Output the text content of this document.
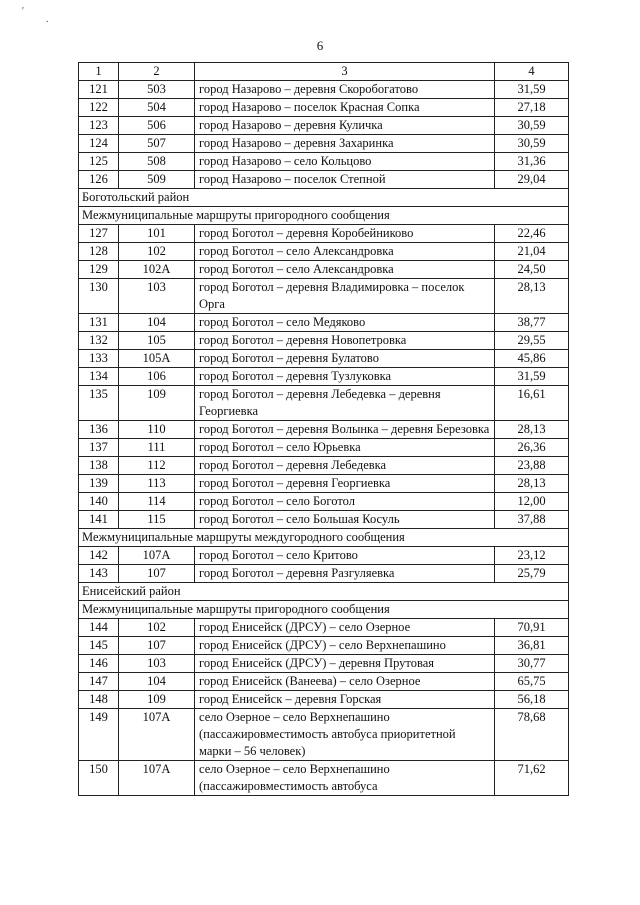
'
.
6
1	2	3	4
121	503	город Назарово – деревня Скоробогатово	31,59
122	504	город Назарово – поселок Красная Сопка	27,18
123	506	город Назарово – деревня Куличка	30,59
124	507	город Назарово – деревня Захаринка	30,59
125	508	город Назарово – село Кольцово	31,36
126	509	город Назарово – поселок Степной	29,04
Боготольский район			
Межмуниципальные маршруты пригородного сообщения			
127	101	город Боготол – деревня Коробейниково	22,46
128	102	город Боготол – село Александровка	21,04
129	102А	город Боготол – село Александровка	24,50
130	103	город Боготол – деревня Владимировка – поселок Орга	28,13
131	104	город Боготол – село Медяково	38,77
132	105	город Боготол – деревня Новопетровка	29,55
133	105А	город Боготол – деревня Булатово	45,86
134	106	город Боготол – деревня Тузлуковка	31,59
135	109	город Боготол – деревня Лебедевка – деревня Георгиевка	16,61
136	110	город Боготол – деревня Волынка – деревня Березовка	28,13
137	111	город Боготол – село Юрьевка	26,36
138	112	город Боготол – деревня Лебедевка	23,88
139	113	город Боготол – деревня Георгиевка	28,13
140	114	город Боготол – село Боготол	12,00
141	115	город Боготол – село Большая Косуль	37,88
Межмуниципальные маршруты междугородного сообщения			
142	107А	город Боготол – село Критово	23,12
143	107	город Боготол – деревня Разгуляевка	25,79
Енисейский район			
Межмуниципальные маршруты пригородного сообщения			
144	102	город Енисейск (ДРСУ) – село Озерное	70,91
145	107	город Енисейск (ДРСУ) – село Верхнепашино	36,81
146	103	город Енисейск (ДРСУ) – деревня Прутовая	30,77
147	104	город Енисейск (Ванеева) – село Озерное	65,75
148	109	город Енисейск – деревня Горская	56,18
149	107А	село Озерное – село Верхнепашино (пассажировместимость автобуса приоритетной марки – 56 человек)	78,68
150	107А	село Озерное – село Верхнепашино (пассажировместимость автобуса	71,62
